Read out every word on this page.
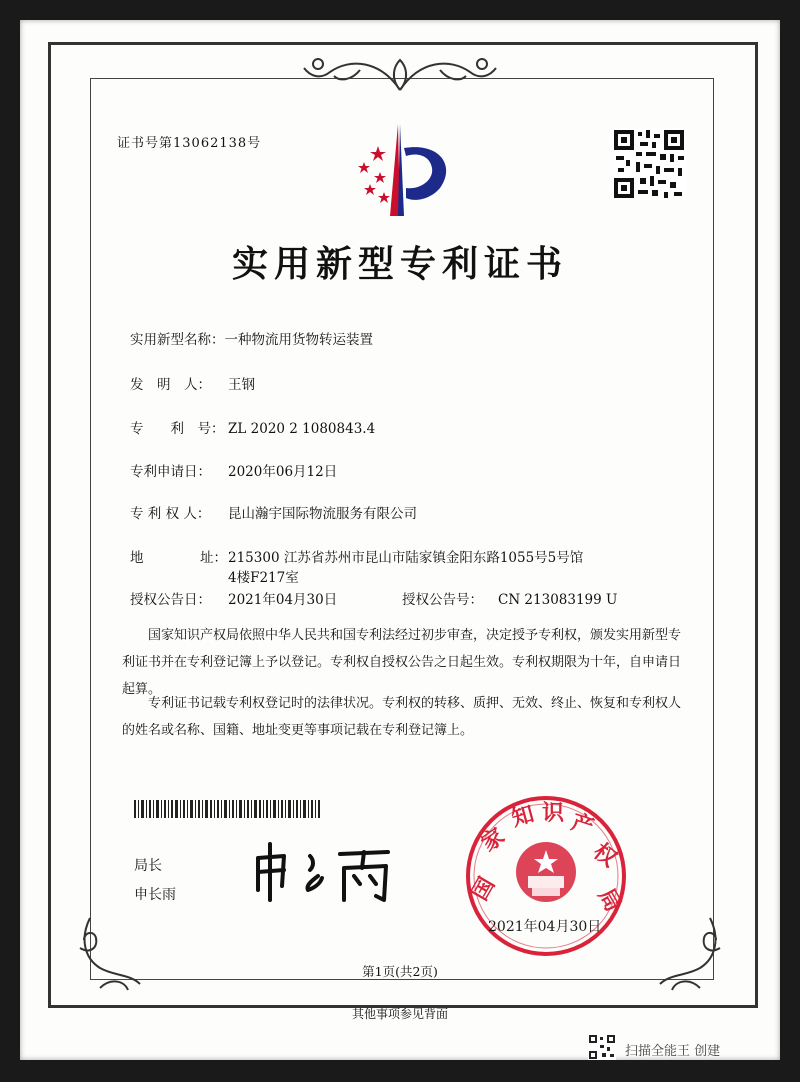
证书号第13062138号
实用新型专利证书
实用新型名称：一种物流用货物转运装置
发　明　人： 王钢
专　　利　号： ZL 2020 2 1080843.4
专利申请日： 2020年06月12日
专 利 权 人： 昆山瀚宇国际物流服务有限公司
地	址：215300 江苏省苏州市昆山市陆家镇金阳东路1055号5号馆
4楼F217室
授权公告日： 2021年04月30日	授权公告号： CN 213083199 U
国家知识产权局依照中华人民共和国专利法经过初步审查，决定授予专利权，颁发实用新型专利证书并在专利登记簿上予以登记。专利权自授权公告之日起生效。专利权期限为十年，自申请日起算。
专利证书记载专利权登记时的法律状况。专利权的转移、质押、无效、终止、恢复和专利权人的姓名或名称、国籍、地址变更等事项记载在专利登记簿上。
局长
申长雨	国
家
知 识 产
权
局
2021年04月30日
第1页(共2页)
其他事项参见背面
扫描全能王 创建
